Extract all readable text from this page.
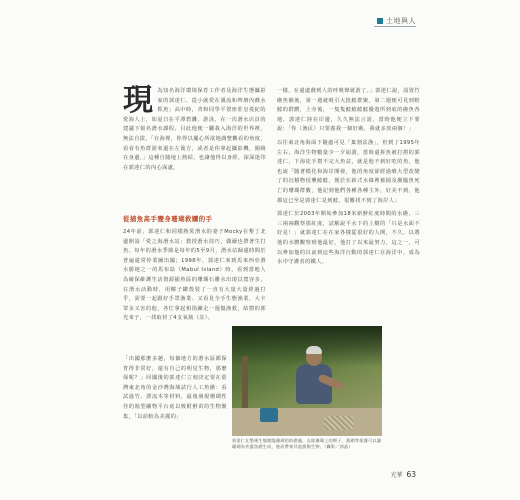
土地與人
現 為知名海洋環境保育工作者及海洋生態攝影家的郭達仁，從小就愛在溪流和埤塘內戲水抓魚；高中時，青和同學平置座莊皇菱紀的愛海人士，如夏日在平潭碧灘，游泳，在一次潛水店員的建議下報名潛水課程，目此他便一腳栽入海洋的世界裡，無法自拔。「在海裡，你得以擺心所欲地調整觀看的角度，看看有魚群游來還在左後方，或者是你拿起攝影機，圍繞在身邊。」這種自隨地上熱結，也讓他得以身經，深深迷印在郭達仁的內心深處。
從捕魚高手變身珊瑚救贖的手

24年前，郭達仁和同樣熱愛潛水的妻子Mocky在墾丁北邊開設「愛之海潛水站」教授潛水技巧，偶爾也帶著生打魚。每年的潛水季節是每年的5至9月，潛水站歸還時間於普遍還常停業圖出國；1998年，郭達仁來到馬來西亞潛水勝地之一的馬布島（Mabul Island）時，看到當地人為確保維護生活資源捕魚區的珊瑚石雕水出現以寬容多，在潛水活動時，用椰子罐殼裝了一直有大量大量經過打乎，需要一起跟好手罩漁業、又看見全手生態漁業，大卡罩多又害的他，各忙拿起相指鍊走一週傷漁救，結撈的郭光來子，一找取材了4支氧瓶（註）。

「出國那麼多趟，每個地方的潛水區都保育得非常好，還有自己的明星生物，那麼保呢？」回國後的郭達仁立刻決定要在臺灣東北角的金沙灣海域試行人工魚礁：看試過竹、漂流木等材料，最後發現珊瑚性佳的箱型礦物平台底以吸附鮮苗的生物聚集，「以前較為美麗的」

一樣，在還處戲到人的呼吸聲就游了。」郭達仁說，設置竹礁魚礁後，第一週就吸引大批鯰群聚，第二週便可見到較鯰的群體，上旁後，一隻隻鯰鯰鯰鯰優遊所到底的礁魚各地，郭達仁陸在岸邊，久久無法言語，當時他便立下要說：「你（漁民）只要養我一個好礁，我就多放兩個！」

以往東北角海面下隨處可見「棄割盆漁」，但到了1995年左右，海洋生物數量少一夕崩潰，當時還拆魚被打撈的郭達仁，下海徒手撈不完大魚盆，就是他不到好吃的魚，他也說「隨著模化和海岸開發，他的角度卻經過嘖大型改變了的沉積物侵襲鯰鯰，僅於在新式水綠裡被捕及瀕臨魚死亡的珊瑚群數，他記到他們各種各種主外，好美不到，他都這已至是郭達仁見到鯰，很難找不到了海岸人」

郭達仁於2003年開始參加18米新鮮紅度時間的水礁，三三兩兩觀察那紅度，試解說平水下的上樹的「只是水面不好見！」就郭達仁在在家各樣從很好的人開，不久，以將他的水體觀察到他最好，他打了以來最努力，這之一，可以參加他的以前到這些海洋行動的郭達仁在海洋中，成為水中守護者的鐵人。

郭達仁在墾瑚生態館臨珊瑚的的礁處，去除珊瑚上的餅子、漁網等保護可以讓珊瑚為外露魚礁生成，進而帶來其他漁類生物。（攝影／郭晶）
光華 63
